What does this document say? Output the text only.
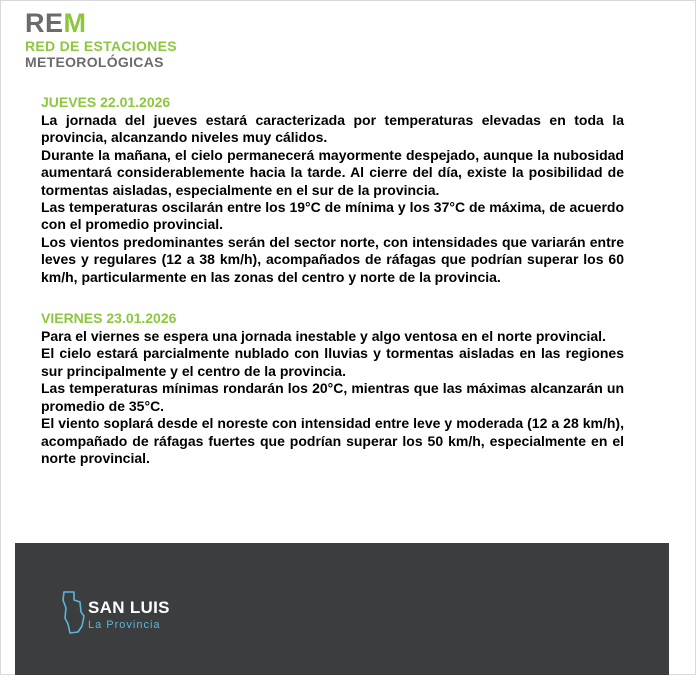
REM
RED DE ESTACIONES
METEOROLÓGICAS
JUEVES 22.01.2026

La jornada del jueves estará caracterizada por temperaturas elevadas en toda la provincia, alcanzando niveles muy cálidos.

Durante la mañana, el cielo permanecerá mayormente despejado, aunque la nubosidad aumentará considerablemente hacia la tarde. Al cierre del día, existe la posibilidad de tormentas aisladas, especialmente en el sur de la provincia.

Las temperaturas oscilarán entre los 19°C de mínima y los 37°C de máxima, de acuerdo con el promedio provincial.

Los vientos predominantes serán del sector norte, con intensidades que variarán entre leves y regulares (12 a 38 km/h), acompañados de ráfagas que podrían superar los 60 km/h, particularmente en las zonas del centro y norte de la provincia.

VIERNES 23.01.2026

Para el viernes se espera una jornada inestable y algo ventosa en el norte provincial.

El cielo estará parcialmente nublado con lluvias y tormentas aisladas en las regiones sur principalmente y el centro de la provincia.

Las temperaturas mínimas rondarán los 20°C, mientras que las máximas alcanzarán un promedio de 35°C.

El viento soplará desde el noreste con intensidad entre leve y moderada (12 a 28 km/h), acompañado de ráfagas fuertes que podrían superar los 50 km/h, especialmente en el norte provincial.

SAN LUIS
La Provincia
